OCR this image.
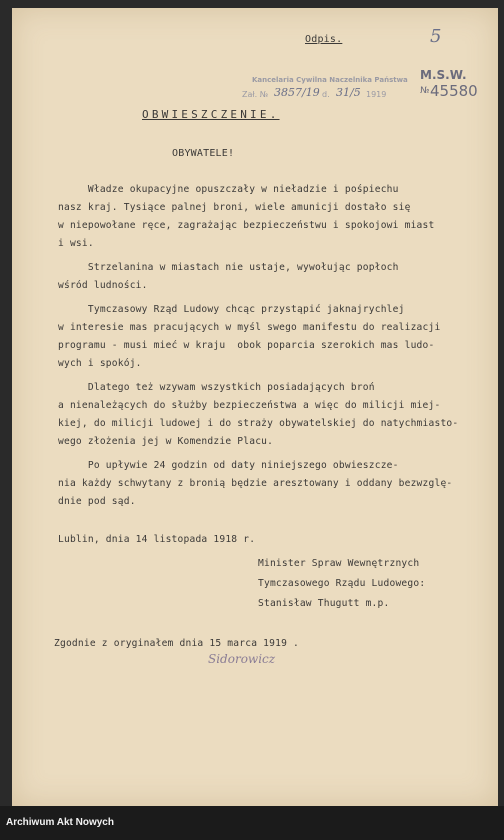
Odpis.	5
Kancelaria Cywilna Naczelnika Państwa
Zał. № 3857/19 d. 31/5 1919
M.S.W.
№ 45580
OBWIESZCZENIE.
OBYWATELE!
Władze okupacyjne opuszczały w nieładzie i pośpiechu
nasz kraj. Tysiące palnej broni, wiele amunicji dostało się
w niepowołane ręce, zagrażając bezpieczeństwu i spokojowi miast
i wsi.
Strzelanina w miastach nie ustaje, wywołując popłoch
wśród ludności.
Tymczasowy Rząd Ludowy chcąc przystąpić jaknajrychlej
w interesie mas pracujących w myśl swego manifestu do realizacji
programu - musi mieć w kraju  obok poparcia szerokich mas ludo-
wych i spokój.
Dlatego też wzywam wszystkich posiadających broń
a nienależących do służby bezpieczeństwa a więc do milicji miej-
kiej, do milicji ludowej i do straży obywatelskiej do natychmiasto-
wego złożenia jej w Komendzie Placu.
Po upływie 24 godzin od daty niniejszego obwieszcze-
nia każdy schwytany z bronią będzie aresztowany i oddany bezwzglę-
dnie pod sąd.
Lublin, dnia 14 listopada 1918 r.
Minister Spraw Wewnętrznych
Tymczasowego Rządu Ludowego:
Stanisław Thugutt m.p.
Zgodnie z oryginałem dnia 15 marca 1919 .
Sidorowicz
Archiwum Akt Nowych
